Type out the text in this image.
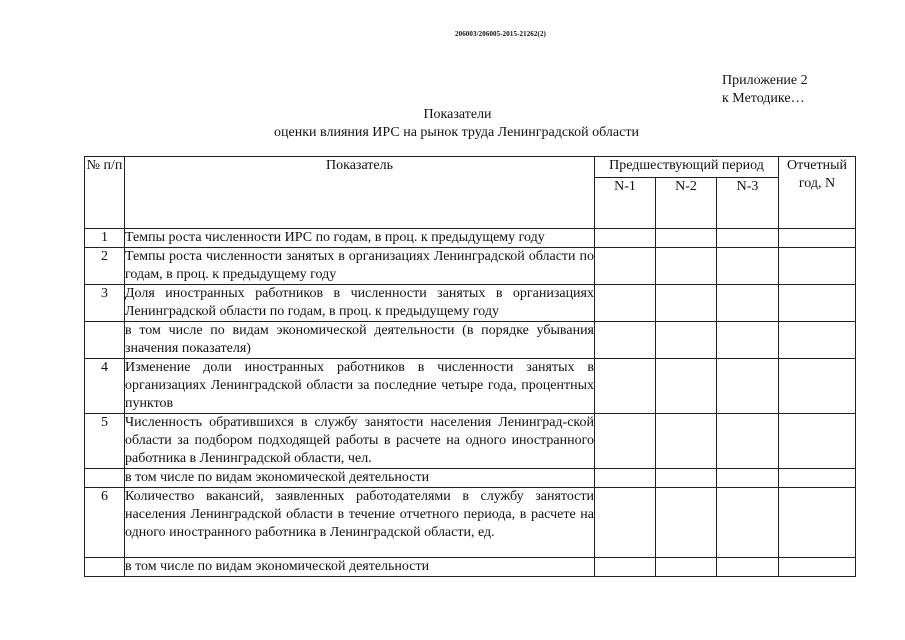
206003/206005-2015-21262(2)
Приложение 2
к Методике…
Показатели
оценки влияния ИРС на рынок труда Ленинградской области
№ п/п	Показатель	Предшествующий период			Отчетный год, N
		N-1	N-2	N-3	
1	Темпы роста численности ИРС по годам, в проц. к предыдущему году				
2	Темпы роста численности занятых в организациях Ленинградской области по годам, в проц. к предыдущему году				
3	Доля иностранных работников в численности занятых в организациях Ленинградской области по годам, в проц. к предыдущему году				
	в том числе по видам экономической деятельности (в порядке убывания значения показателя)				
4	Изменение доли иностранных работников в численности занятых в организациях Ленинградской области за последние четыре года, процентных пунктов				
5	Численность обратившихся в службу занятости населения Ленинград-ской области за подбором подходящей работы в расчете на одного иностранного работника в Ленинградской области, чел.				
	в том числе по видам экономической деятельности				
6	Количество вакансий, заявленных работодателями в службу занятости населения Ленинградской области в течение отчетного периода, в расчете на одного иностранного работника в Ленинградской области, ед.				
	в том числе по видам экономической деятельности				
